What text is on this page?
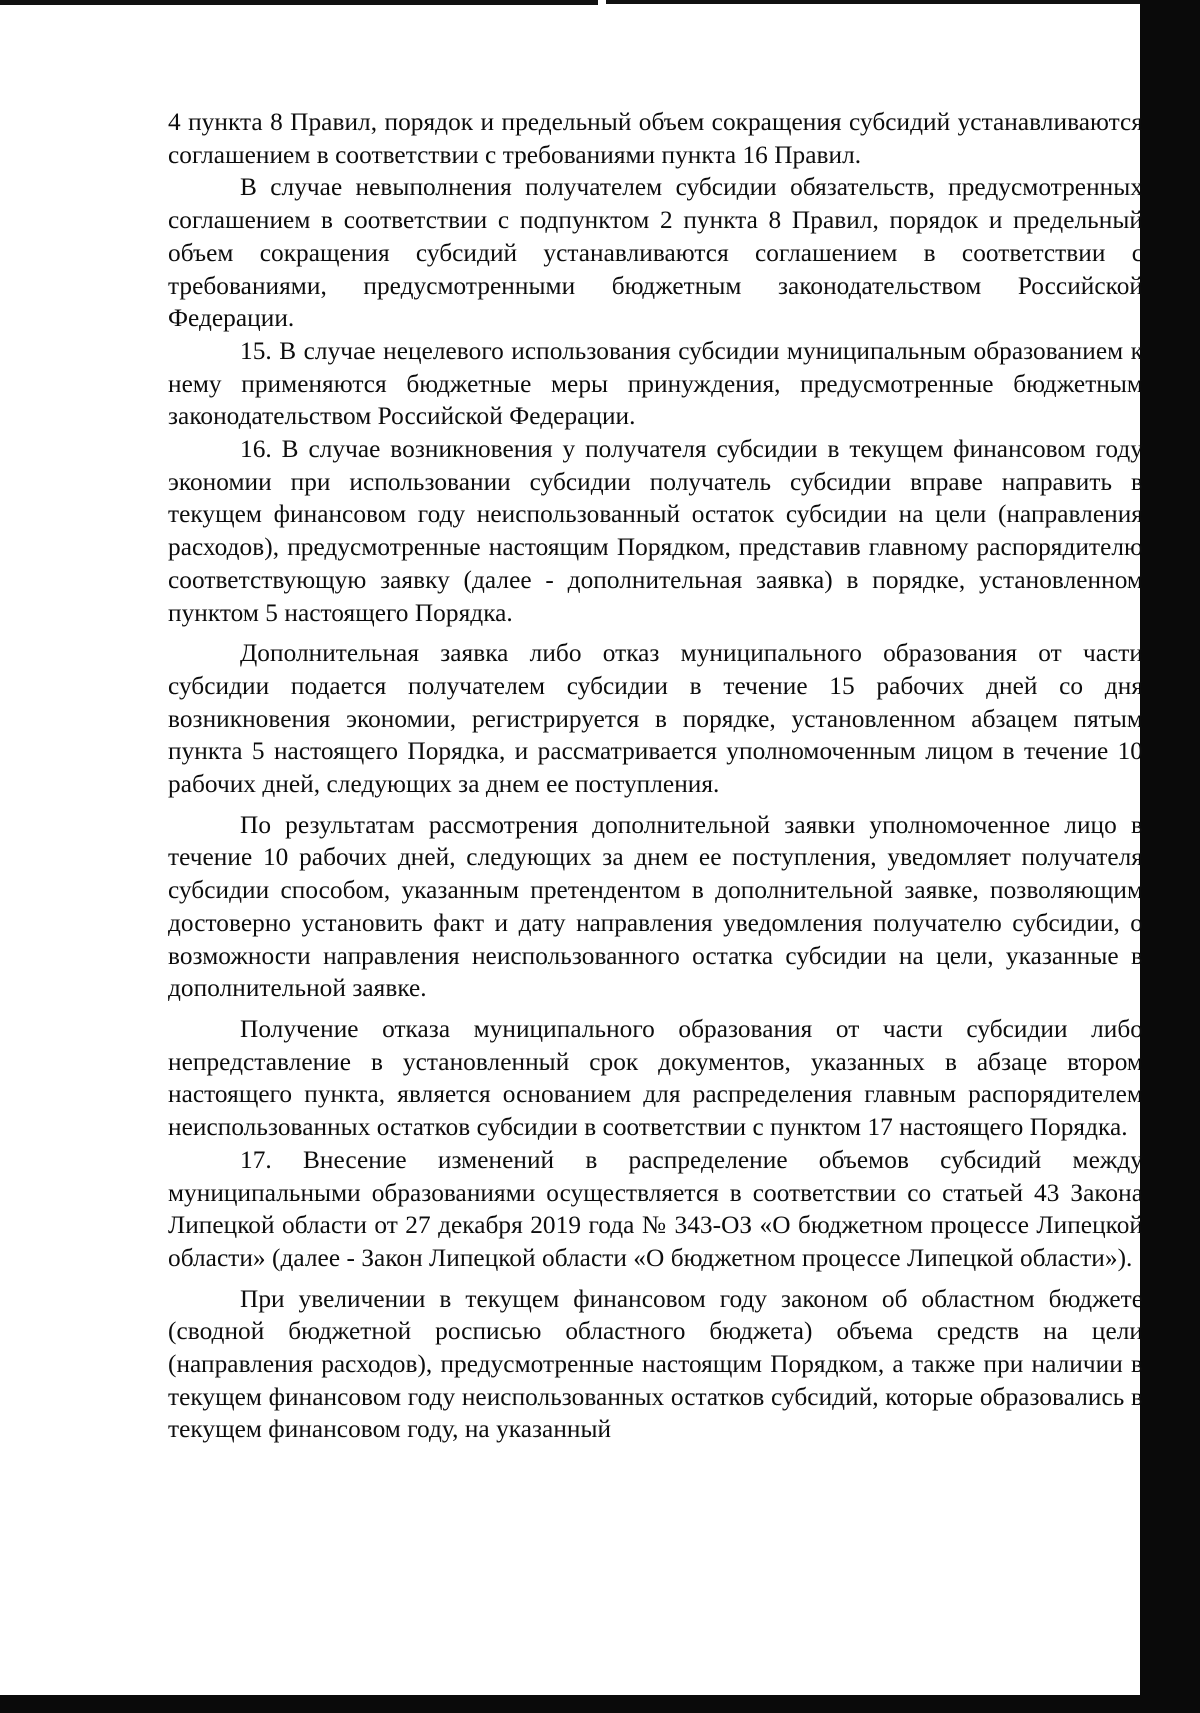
4 пункта 8 Правил, порядок и предельный объем сокращения субсидий устанавливаются соглашением в соответствии с требованиями пункта 16 Правил.

В случае невыполнения получателем субсидии обязательств, предусмотренных соглашением в соответствии с подпунктом 2 пункта 8 Правил, порядок и предельный объем сокращения субсидий устанавливаются соглашением в соответствии с требованиями, предусмотренными бюджетным законодательством Российской Федерации.

15. В случае нецелевого использования субсидии муниципальным образованием к нему применяются бюджетные меры принуждения, предусмотренные бюджетным законодательством Российской Федерации.

16. В случае возникновения у получателя субсидии в текущем финансовом году экономии при использовании субсидии получатель субсидии вправе направить в текущем финансовом году неиспользованный остаток субсидии на цели (направления расходов), предусмотренные настоящим Порядком, представив главному распорядителю соответствующую заявку (далее - дополнительная заявка) в порядке, установленном пунктом 5 настоящего Порядка.

Дополнительная заявка либо отказ муниципального образования от части субсидии подается получателем субсидии в течение 15 рабочих дней со дня возникновения экономии, регистрируется в порядке, установленном абзацем пятым пункта 5 настоящего Порядка, и рассматривается уполномоченным лицом в течение 10 рабочих дней, следующих за днем ее поступления.

По результатам рассмотрения дополнительной заявки уполномоченное лицо в течение 10 рабочих дней, следующих за днем ее поступления, уведомляет получателя субсидии способом, указанным претендентом в дополнительной заявке, позволяющим достоверно установить факт и дату направления уведомления получателю субсидии, о возможности направления неиспользованного остатка субсидии на цели, указанные в дополнительной заявке.

Получение отказа муниципального образования от части субсидии либо непредставление в установленный срок документов, указанных в абзаце втором настоящего пункта, является основанием для распределения главным распорядителем неиспользованных остатков субсидии в соответствии с пунктом 17 настоящего Порядка.

17. Внесение изменений в распределение объемов субсидий между муниципальными образованиями осуществляется в соответствии со статьей 43 Закона Липецкой области от 27 декабря 2019 года № 343-ОЗ «О бюджетном процессе Липецкой области» (далее - Закон Липецкой области «О бюджетном процессе Липецкой области»).

При увеличении в текущем финансовом году законом об областном бюджете (сводной бюджетной росписью областного бюджета) объема средств на цели (направления расходов), предусмотренные настоящим Порядком, а также при наличии в текущем финансовом году неиспользованных остатков субсидий, которые образовались в текущем финансовом году, на указанный
